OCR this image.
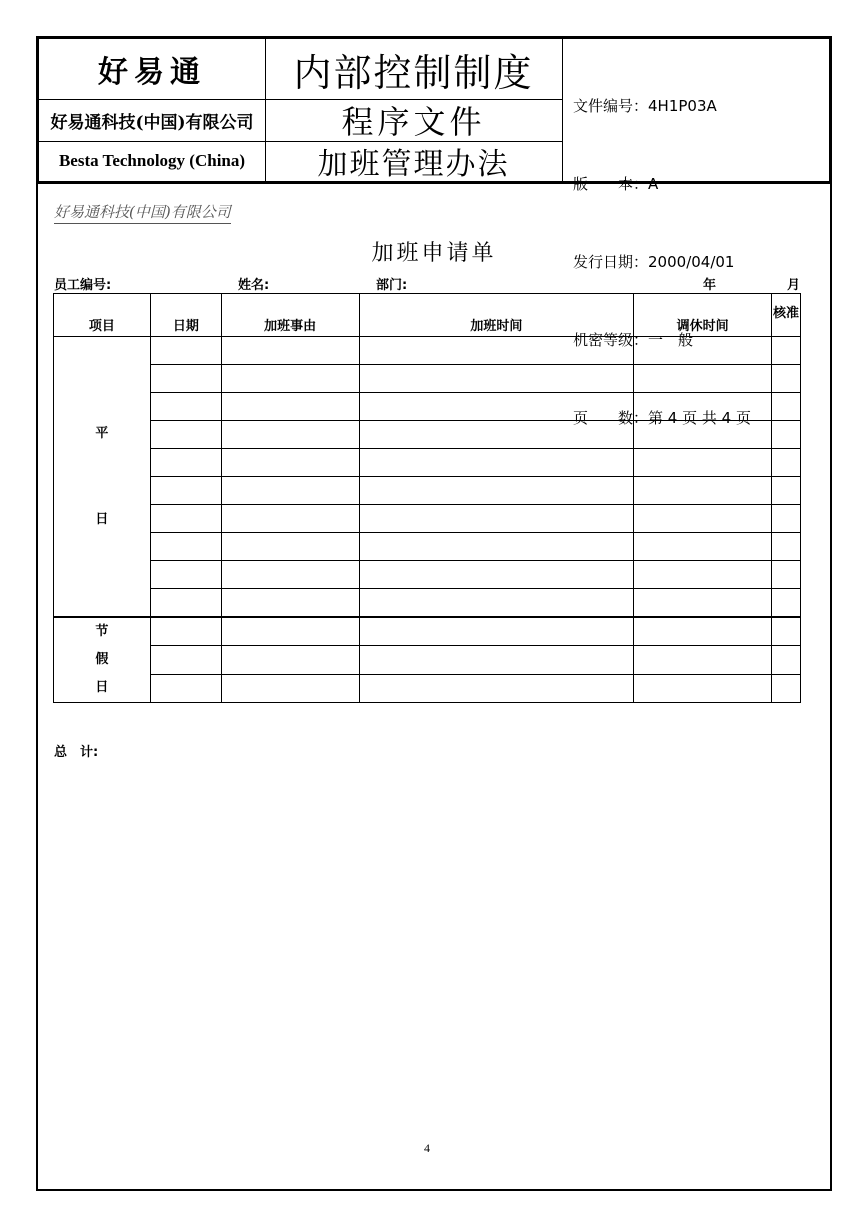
好易通
好易通科技(中国)有限公司
Besta Technology (China)
内部控制制度
程序文件
加班管理办法

文件编号：4H1P03A

版　　本：A

发行日期：2000/04/01

机密等级：一　般

页　　数：第 4 页 共 4 页

好易通科技(中国)有限公司
加班申请单
员工编号:	姓名:	部门:	年	月
项目	日期	加班事由	加班时间	调休时间	核准

平
日					

节
假
日					

总　计:
4
